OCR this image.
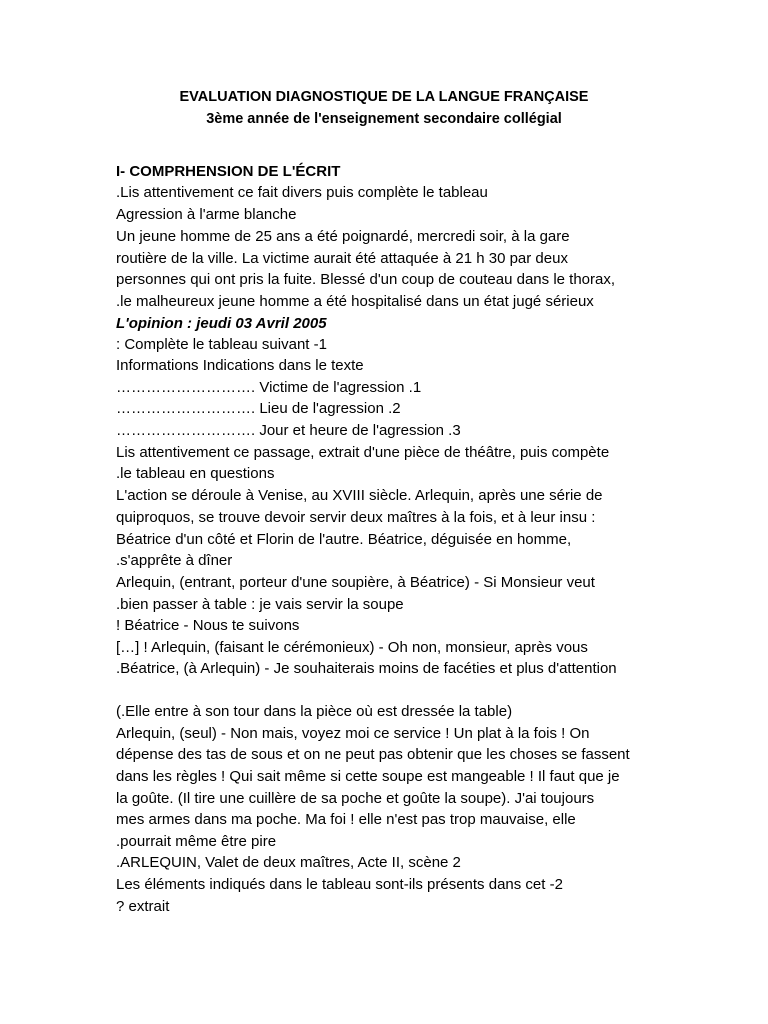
EVALUATION DIAGNOSTIQUE DE LA LANGUE FRANÇAISE
3ème année de l'enseignement secondaire collégial
I- COMPRHENSION DE L'ÉCRIT
.Lis attentivement ce fait divers puis complète le tableau
Agression à l'arme blanche
Un jeune homme de 25 ans a été poignardé, mercredi soir, à la gare
routière de la ville. La victime aurait été attaquée à 21 h 30 par deux
personnes qui ont pris la fuite. Blessé d'un coup de couteau dans le thorax,
.le malheureux jeune homme a été hospitalisé dans un état jugé sérieux
L'opinion : jeudi 03 Avril 2005
: Complète le tableau suivant -1
Informations Indications dans le texte
………………………. Victime de l'agression .1
………………………. Lieu de l'agression .2
………………………. Jour et heure de l'agression .3
Lis attentivement ce passage, extrait d'une pièce de théâtre, puis compète
.le tableau en questions
L'action se déroule à Venise, au XVIII siècle. Arlequin, après une série de
quiproquos, se trouve devoir servir deux maîtres à la fois, et à leur insu :
Béatrice d'un côté et Florin de l'autre. Béatrice, déguisée en homme,
.s'apprête à dîner
Arlequin, (entrant, porteur d'une soupière, à Béatrice) - Si Monsieur veut
.bien passer à table : je vais servir la soupe
! Béatrice - Nous te suivons
[…] ! Arlequin, (faisant le cérémonieux) - Oh non, monsieur, après vous
.Béatrice, (à Arlequin) - Je souhaiterais moins de facéties et plus d'attention
(.Elle entre à son tour dans la pièce où est dressée la table)
Arlequin, (seul) - Non mais, voyez moi ce service ! Un plat à la fois ! On
dépense des tas de sous et on ne peut pas obtenir que les choses se fassent
dans les règles ! Qui sait même si cette soupe est mangeable ! Il faut que je
la goûte. (Il tire une cuillère de sa poche et goûte la soupe). J'ai toujours
mes armes dans ma poche. Ma foi ! elle n'est pas trop mauvaise, elle
.pourrait même être pire
.ARLEQUIN, Valet de deux maîtres, Acte II, scène 2
Les éléments indiqués dans le tableau sont-ils présents dans cet -2
? extrait
